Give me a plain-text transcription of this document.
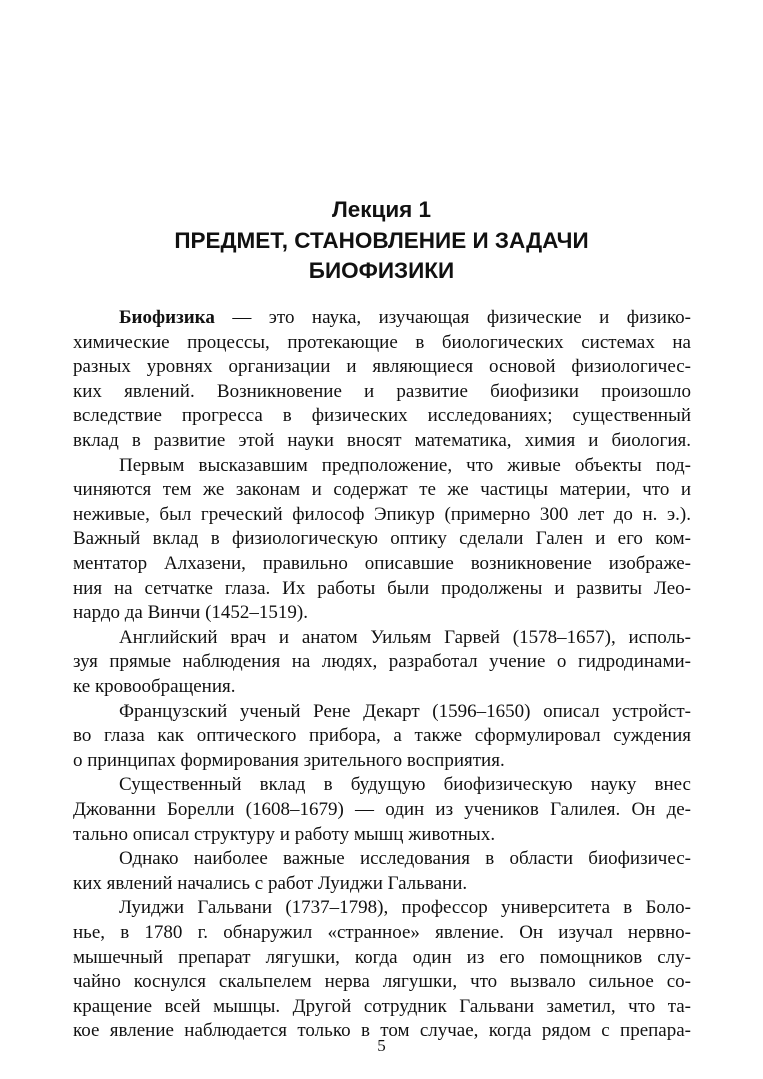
Лекция 1
ПРЕДМЕТ, СТАНОВЛЕНИЕ И ЗАДАЧИ
БИОФИЗИКИ
Биофизика — это наука, изучающая физические и физико-
химические процессы, протекающие в биологических системах на
разных уровнях организации и являющиеся основой физиологичес-
ких явлений. Возникновение и развитие биофизики произошло
вследствие прогресса в физических исследованиях; существенный
вклад в развитие этой науки вносят математика, химия и биология.
Первым высказавшим предположение, что живые объекты под-
чиняются тем же законам и содержат те же частицы материи, что и
неживые, был греческий философ Эпикур (примерно 300 лет до н. э.).
Важный вклад в физиологическую оптику сделали Гален и его ком-
ментатор Алхазени, правильно описавшие возникновение изображе-
ния на сетчатке глаза. Их работы были продолжены и развиты Лео-
нардо да Винчи (1452–1519).
Английский врач и анатом Уильям Гарвей (1578–1657), исполь-
зуя прямые наблюдения на людях, разработал учение о гидродинами-
ке кровообращения.
Французский ученый Рене Декарт (1596–1650) описал устройст-
во глаза как оптического прибора, а также сформулировал суждения
о принципах формирования зрительного восприятия.
Существенный вклад в будущую биофизическую науку внес
Джованни Борелли (1608–1679) — один из учеников Галилея. Он де-
тально описал структуру и работу мышц животных.
Однако наиболее важные исследования в области биофизичес-
ких явлений начались с работ Луиджи Гальвани.
Луиджи Гальвани (1737–1798), профессор университета в Боло-
нье, в 1780 г. обнаружил «странное» явление. Он изучал нервно-
мышечный препарат лягушки, когда один из его помощников слу-
чайно коснулся скальпелем нерва лягушки, что вызвало сильное со-
кращение всей мышцы. Другой сотрудник Гальвани заметил, что та-
кое явление наблюдается только в том случае, когда рядом с препара-
5
